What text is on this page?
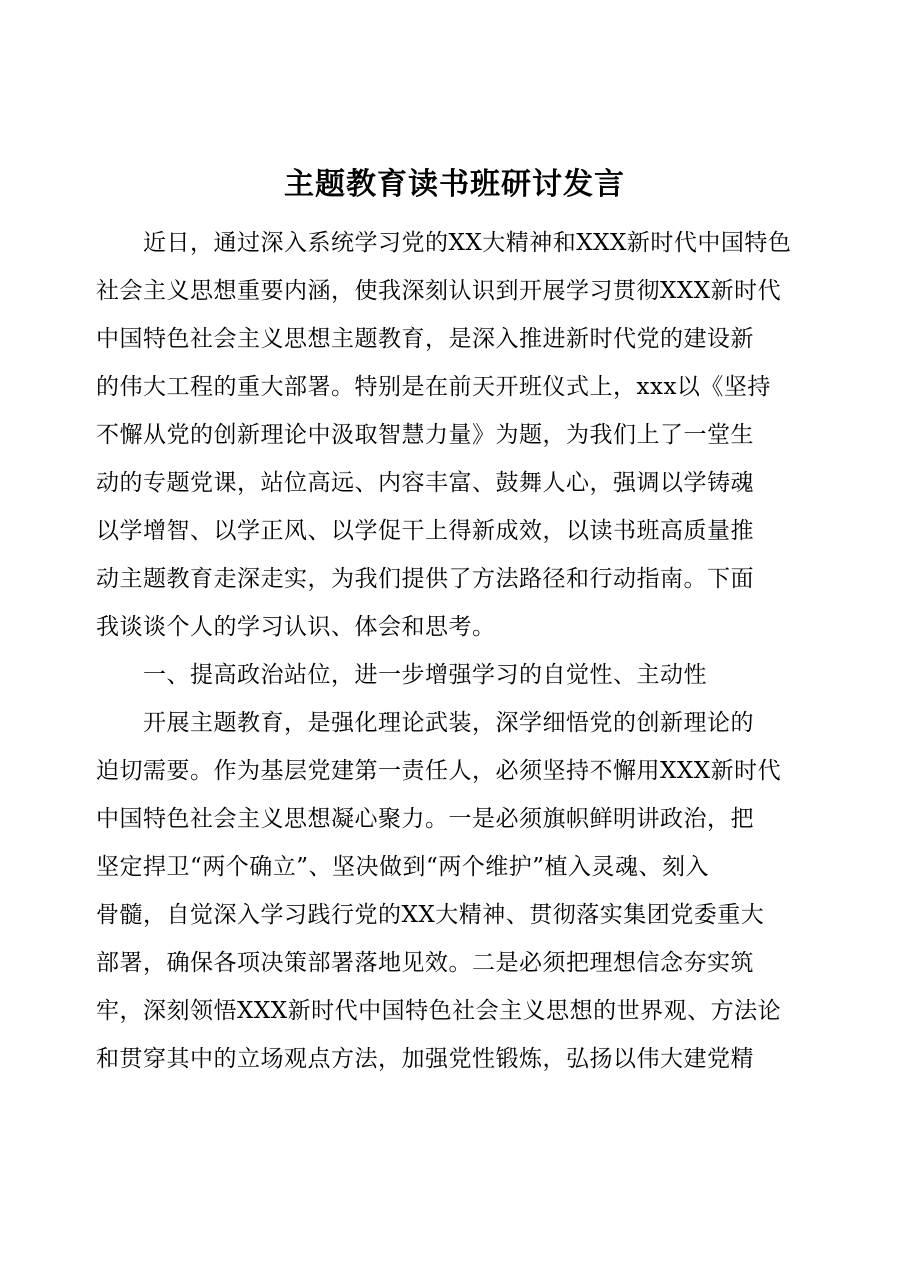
主题教育读书班研讨发言
　　近日，通过深入系统学习党的XX大精神和XXX新时代中国特色
社会主义思想重要内涵，使我深刻认识到开展学习贯彻XXX新时代
中国特色社会主义思想主题教育，是深入推进新时代党的建设新
的伟大工程的重大部署。特别是在前天开班仪式上，xxx以《坚持
不懈从党的创新理论中汲取智慧力量》为题，为我们上了一堂生
动的专题党课，站位高远、内容丰富、鼓舞人心，强调以学铸魂
以学增智、以学正风、以学促干上得新成效，以读书班高质量推
动主题教育走深走实，为我们提供了方法路径和行动指南。下面
我谈谈个人的学习认识、体会和思考。
　　一、提高政治站位，进一步增强学习的自觉性、主动性
　　开展主题教育，是强化理论武装，深学细悟党的创新理论的
迫切需要。作为基层党建第一责任人，必须坚持不懈用XXX新时代
中国特色社会主义思想凝心聚力。一是必须旗帜鲜明讲政治，把
坚定捍卫“两个确立”、坚决做到“两个维护”植入灵魂、刻入
骨髓，自觉深入学习践行党的XX大精神、贯彻落实集团党委重大
部署，确保各项决策部署落地见效。二是必须把理想信念夯实筑
牢，深刻领悟XXX新时代中国特色社会主义思想的世界观、方法论
和贯穿其中的立场观点方法，加强党性锻炼，弘扬以伟大建党精
